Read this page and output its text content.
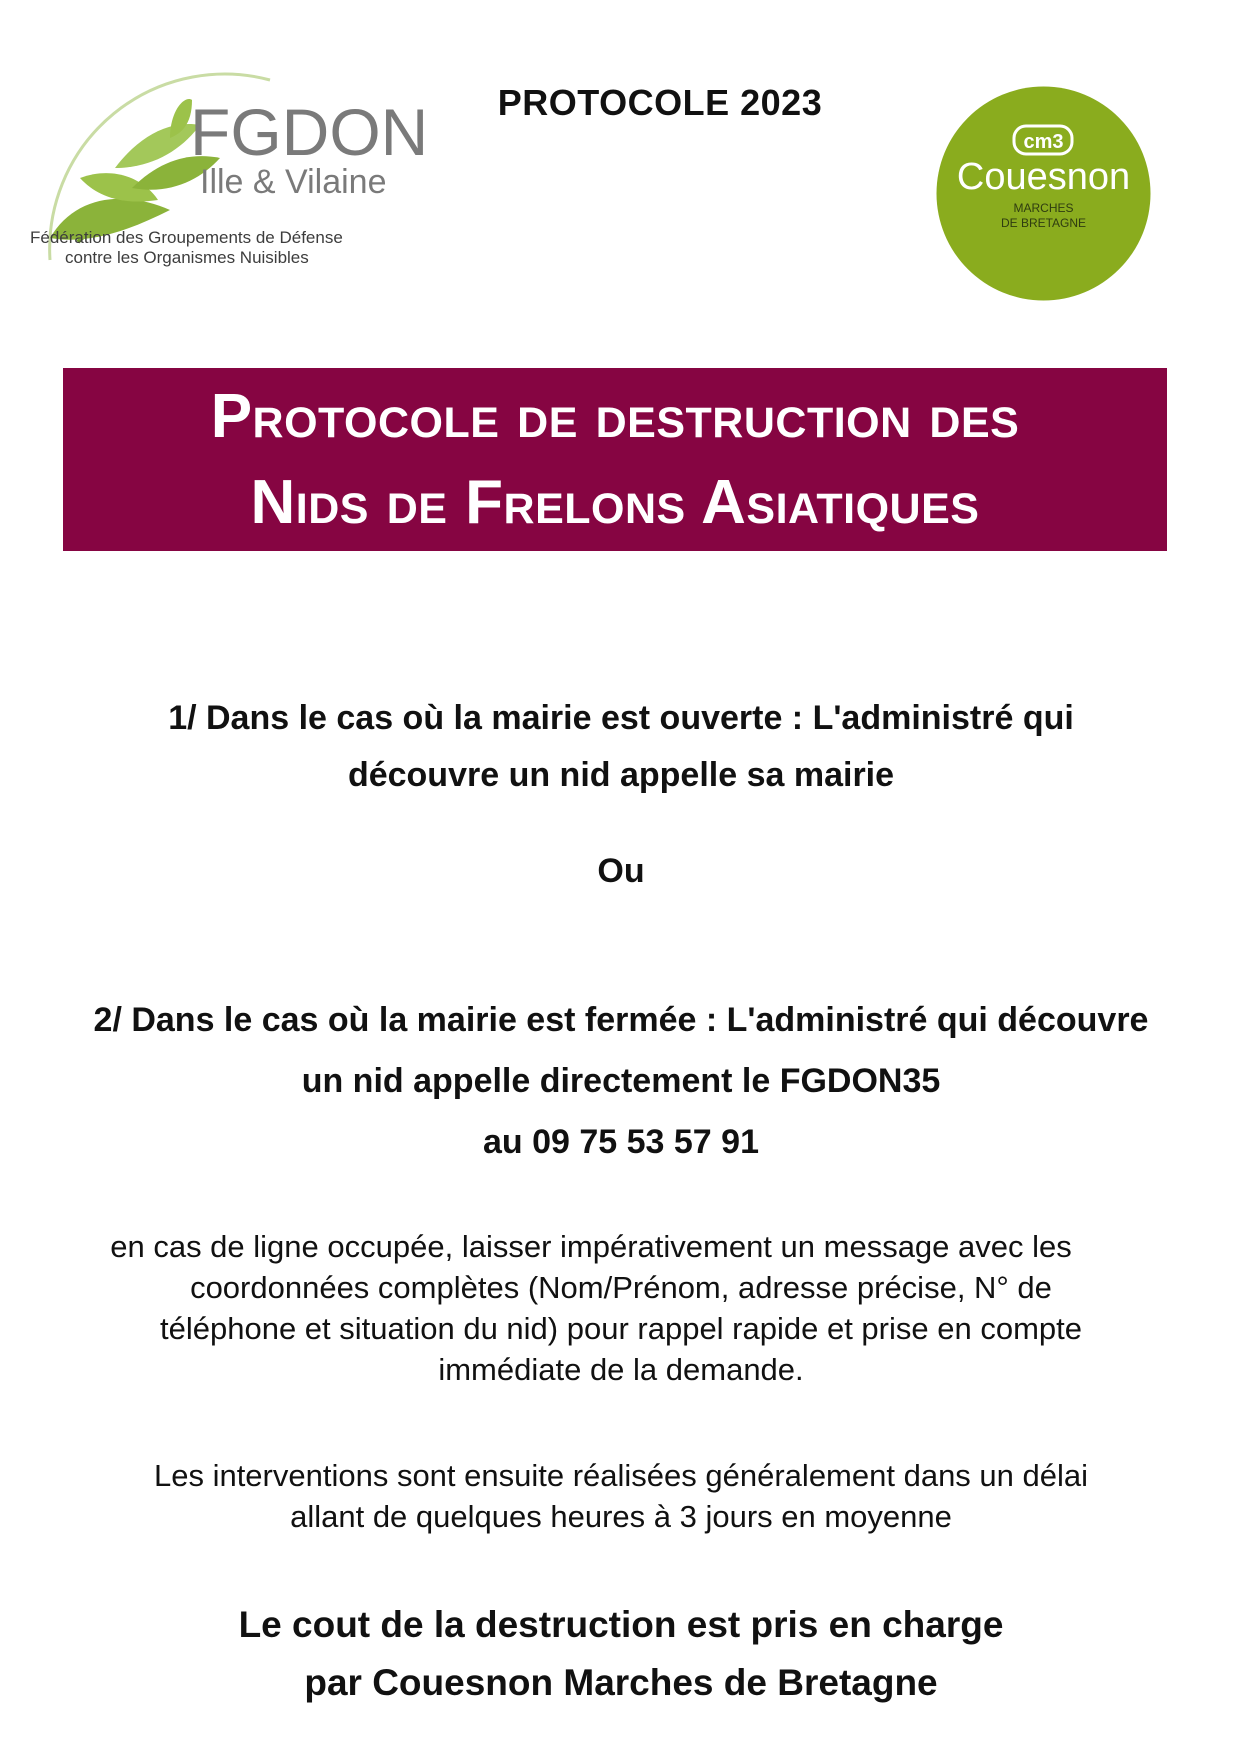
FGDON
Ille & Vilaine
Fédération des Groupements de Défense
contre les Organismes Nuisibles
PROTOCOLE 2023
cm3
Couesnon
MARCHES
DE BRETAGNE
Protocole de destruction des
Nids de Frelons Asiatiques
1/ Dans le cas où la mairie est ouverte : L'administré qui
découvre un nid appelle sa mairie
Ou
2/ Dans le cas où la mairie est fermée : L'administré qui découvre
un nid appelle directement le FGDON35
au 09 75 53 57 91
en cas de ligne occupée, laisser impérativement un message avec les
coordonnées complètes (Nom/Prénom, adresse précise, N° de
téléphone et situation du nid) pour rappel rapide et prise en compte
immédiate de la demande.
Les interventions sont ensuite réalisées généralement dans un délai
allant de quelques heures à 3 jours en moyenne
Le cout de la destruction est pris en charge
par Couesnon Marches de Bretagne
